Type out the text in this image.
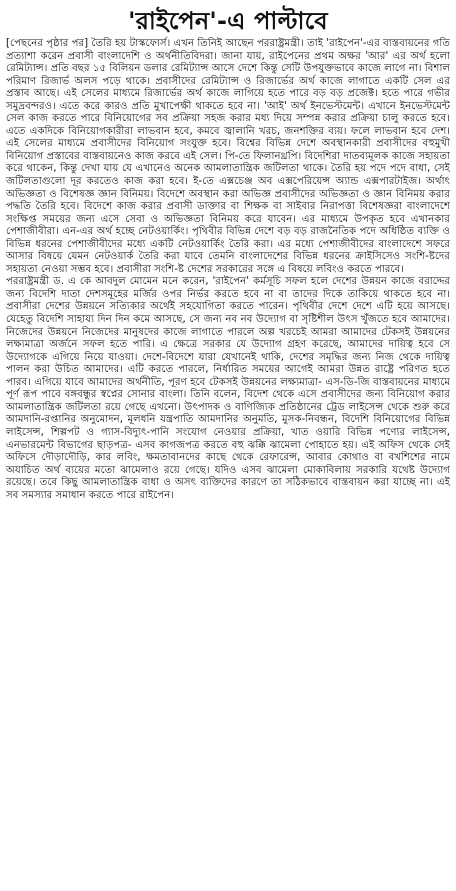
'রাইপেন'-এ পাল্টাবে

[পেছনের পৃষ্ঠার পর] তৈরি হয় টাস্কফোর্স। এখন তিনিই আছেন পররাষ্ট্রমন্ত্রী। তাই 'রাইপেন'-এর বাস্তবায়নের গতি প্রত্যাশা করেন প্রবাসী বাংলাদেশি ও অর্থনীতিবিদরা। জানা যায়, রাইপেনের প্রথম অক্ষর 'আর' এর অর্থ হলো রেমিট্যান্স। প্রতি বছর ১৫ বিলিয়ন ডলার রেমিট্যান্স আসে দেশে কিন্তু সেটি উপযুক্তভাবে কাজে লাগে না। বিশাল পরিমাণ রিজার্ভ অলস পড়ে থাকে। প্রবাসীদের রেমিট্যান্স ও রিজার্ভের অর্থ কাজে লাগাতে একটি সেল এর প্রস্তাব আছে। এই সেলের মাধ্যমে রিজার্ভের অর্থ কাজে লাগিয়ে হতে পারে বড় বড় প্রজেক্ট। হতে পারে গভীর সমুদ্রবন্দরও। এতে করে কারও প্রতি মুখাপেক্ষী থাকতে হবে না। 'আই' অর্থ ইনভেস্টমেন্ট। এখানে ইনভেস্টমেন্ট সেল কাজ করতে পারে বিনিয়োগের সব প্রক্রিয়া সহজ করার মধ্য দিয়ে সম্পন্ন করার প্রক্রিয়া চালু করতে হবে। এতে একদিকে বিনিয়োগকারীরা লাভবান হবে, কমবে জ্বালানি খরচ, জনশক্তির ব্যয়। ফলে লাভবান হবে দেশ। এই সেলের মাধ্যমে প্রবাসীদের বিনিয়োগ সংযুক্ত হবে। বিশ্বের বিভিন্ন দেশে অবস্থানকারী প্রবাসীদের বহুমুখী বিনিয়োগ প্রস্তাবের বাস্তবায়নেও কাজ করবে এই সেল। পি-তে ফিলানথ্রপি। বিদেশিরা দাতব্যমূলক কাজে সহায়তা করে থাকেন, কিন্তু দেখা যায় যে এখানেও অনেক আমলাতান্ত্রিক জটিলতা থাকে। তৈরি হয় পদে পদে বাধা, সেই জটিলতাগুলো দূর করতেও কাজ করা হবে। ই-তে এক্সচেঞ্জ অব এক্সপেরিয়েন্স অ্যান্ড এক্সপারটাইজ। অর্থাৎ অভিজ্ঞতা ও বিশেষজ্ঞ জ্ঞান বিনিময়। বিদেশে অবস্থান করা অভিজ্ঞ প্রবাসীদের অভিজ্ঞতা ও জ্ঞান বিনিময় করার পদ্ধতি তৈরি হবে। বিদেশে কাজ করার প্রবাসী ডাক্তার বা শিক্ষক বা সাইবার নিরাপত্তা বিশেষজ্ঞরা বাংলাদেশে সংক্ষিপ্ত সময়ের জন্য এসে সেবা ও অভিজ্ঞতা বিনিময় করে যাবেন। এর মাধ্যমে উপকৃত হবে এখানকার পেশাজীবীরা। এন-এর অর্থ হচ্ছে নেটওয়ার্কিং। পৃথিবীর বিভিন্ন দেশে বড় বড় রাজনৈতিক পদে অধিষ্ঠিত ব্যক্তি ও বিভিন্ন ধরনের পেশাজীবীদের মধ্যে একটি নেটওয়ার্কিং তৈরি করা। এর মধ্যে পেশাজীবীদের বাংলাদেশে সফরে আসার বিষয়ে যেমন নেটওয়ার্ক তৈরি করা যাবে তেমনি বাংলাদেশের বিভিন্ন ধরনের ক্রাইসিসেও সংশি-ষ্টদের সহায়তা নেওয়া সম্ভব হবে। প্রবাসীরা সংশি-ষ্ট দেশের সরকারের সঙ্গে এ বিষয়ে লবিংও করতে পারবে।

পররাষ্ট্রমন্ত্রী ড. এ কে আবদুল মোমেন মনে করেন, 'রাইপেন' কর্মসূচি সফল হলে দেশের উন্নয়ন কাজে বরাদ্দের জন্য বিদেশি দাতা দেশসমূহের মর্জির ওপর নির্ভর করতে হবে না বা তাদের দিকে তাকিয়ে থাকতে হবে না। প্রবাসীরা দেশের উন্নয়নে সত্যিকার অর্থেই সহযোগিতা করতে পারেন। পৃথিবীর দেশে দেশে এটি হয়ে আসছে। যেহেতু বিদেশি সাহায্য দিন দিন কমে আসছে, সে জন্য নব নব উদ্যোগ বা সৃষ্টিশীল উৎস খুঁজতে হবে আমাদের। নিজেদের উন্নয়নে নিজেদের মানুষদের কাজে লাগাতে পারলে অল্প খরচেই আমরা আমাদের টেকসই উন্নয়নের লক্ষ্যমাত্রা অর্জনে সফল হতে পারি। এ ক্ষেত্রে সরকার যে উদ্যোগ গ্রহণ করেছে, আমাদের দায়িত্ব হবে সে উদ্যোগকে এগিয়ে নিয়ে যাওয়া। দেশে-বিদেশে যারা যেখানেই থাকি, দেশের সমৃদ্ধির জন্য নিজ থেকে দায়িত্ব পালন করা উচিত আমাদের। এটি করতে পারলে, নির্ধারিত সময়ের আগেই আমরা উন্নত রাষ্ট্রে পরিণত হতে পারব। এগিয়ে যাবে আমাদের অর্থনীতি, পূরণ হবে টেকসই উন্নয়নের লক্ষ্যমাত্রা- এস-ডি-জি বাস্তবায়নের মাধ্যমে পূর্ণ রূপ পাবে বঙ্গবন্ধুর স্বপ্নের সোনার বাংলা। তিনি বলেন, বিদেশ থেকে এসে প্রবাসীদের জন্য বিনিয়োগ করার আমলাতান্ত্রিক জটিলতা রয়ে গেছে এখনো। উৎপাদক ও বাণিজ্যিক প্রতিষ্ঠানের ট্রেড লাইসেন্স থেকে শুরু করে আমদানি-রপ্তানির অনুমোদন, মূলধনি যন্ত্রপাতি আমদানির অনুমতি, মুসক-নিবন্ধন, বিদেশি বিনিয়োগের বিভিন্ন লাইসেন্স, শিল্পপট ও গ্যাস-বিদ্যুৎ-পানি সংযোগ নেওয়ার প্রক্রিয়া, খাত ওয়ারি বিভিন্ন পণ্যের লাইসেন্স, এনভারমেন্ট বিভাগের ছাড়পত্র- এসব কাগজপত্র করতে বহু ঝক্কি ঝামেলা পোহাতে হয়। এই অফিস থেকে সেই অফিসে দৌড়াদৌড়ি, কার লবিং, ক্ষমতাবানদের কাছে থেকে রেফারেন্স, আবার কোথাও বা বখশিশের নামে অযাচিত অর্থ ব্যয়ের মতো ঝামেলাও রয়ে গেছে। যদিও এসব ঝামেলা মোকাবিলায় সরকারি যথেষ্ট উদ্যোগ রয়েছে। তবে কিছু আমলাতান্ত্রিক বাধা ও অসৎ ব্যক্তিদের কারণে তা সঠিকভাবে বাস্তবায়ন করা যাচ্ছে না। এই সব সমস্যার সমাধান করতে পারে রাইপেন।
